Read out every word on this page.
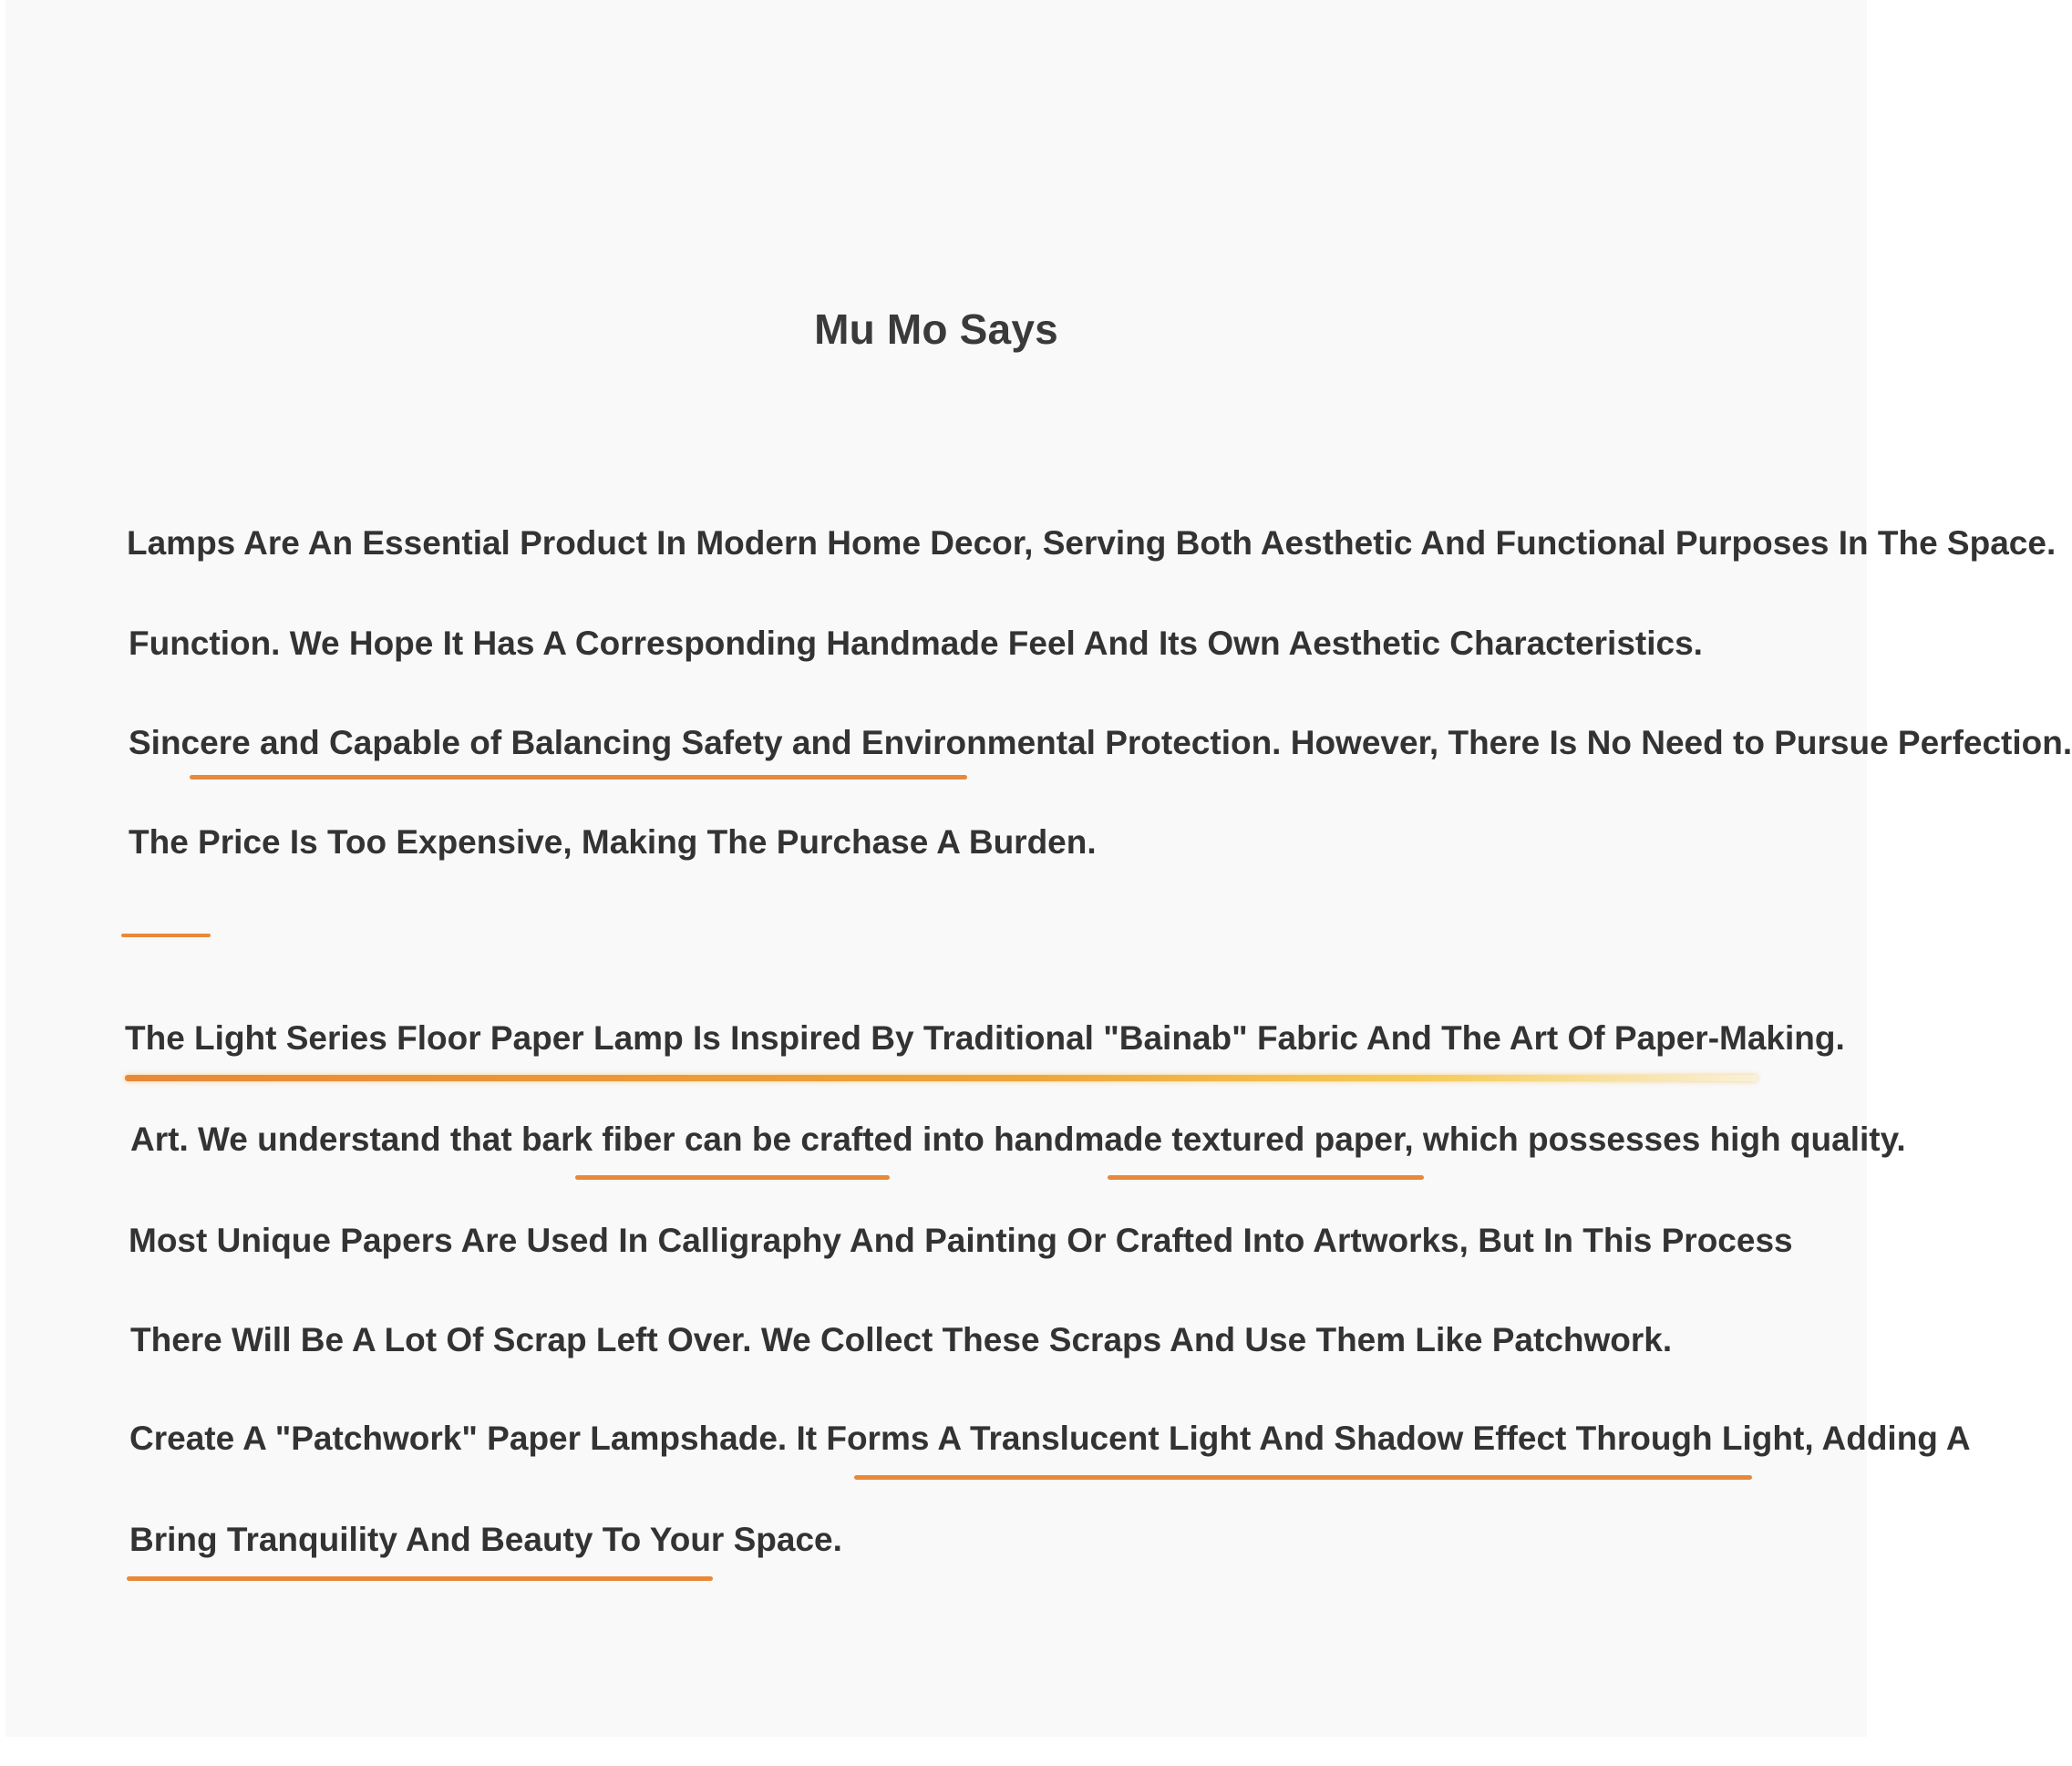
Mu Mo Says
Lamps Are An Essential Product In Modern Home Decor, Serving Both Aesthetic And Functional Purposes In The Space.
Function. We Hope It Has A Corresponding Handmade Feel And Its Own Aesthetic Characteristics.
Sincere and Capable of Balancing Safety and Environmental Protection. However, There Is No Need to Pursue Perfection.
The Price Is Too Expensive, Making The Purchase A Burden.
The Light Series Floor Paper Lamp Is Inspired By Traditional "Bainab" Fabric And The Art Of Paper-Making.
Art. We understand that bark fiber can be crafted into handmade textured paper, which possesses high quality.
Most Unique Papers Are Used In Calligraphy And Painting Or Crafted Into Artworks, But In This Process
There Will Be A Lot Of Scrap Left Over. We Collect These Scraps And Use Them Like Patchwork.
Create A "Patchwork" Paper Lampshade. It Forms A Translucent Light And Shadow Effect Through Light, Adding A
Bring Tranquility And Beauty To Your Space.
